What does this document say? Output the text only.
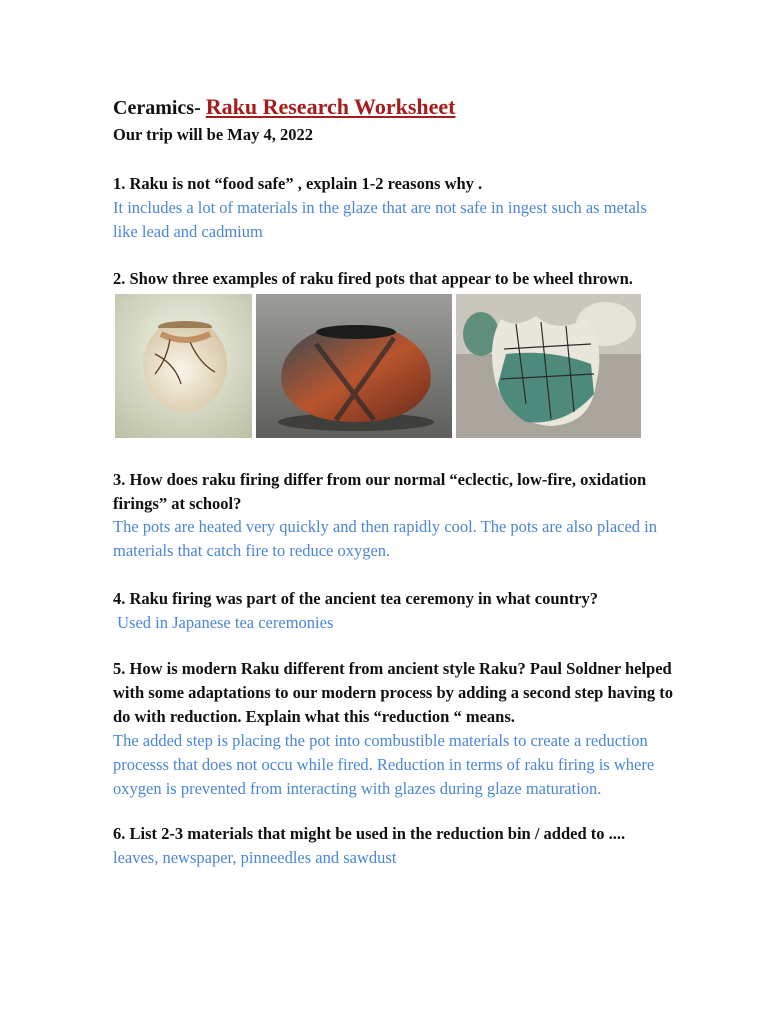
Ceramics- Raku Research Worksheet
Our trip will be May 4, 2022
1. Raku is not “food safe” , explain 1-2 reasons why .
It includes a lot of materials in the glaze that are not safe in ingest such as metals like lead and cadmium
2. Show three examples of raku fired pots that appear to be wheel thrown.
3. How does raku firing differ from our normal “eclectic, low-fire, oxidation firings” at school?
The pots are heated very quickly and then rapidly cool. The pots are also placed in materials that catch fire to reduce oxygen.
4. Raku firing was part of the ancient tea ceremony in what country?
Used in Japanese tea ceremonies
5. How is modern Raku different from ancient style Raku? Paul Soldner helped with some adaptations to our modern process by adding a second step having to do with reduction. Explain what this “reduction “ means.
The added step is placing the pot into combustible materials to create a reduction processs that does not occu while fired. Reduction in terms of raku firing is where oxygen is prevented from interacting with glazes during glaze maturation.
6. List 2-3 materials that might be used in the reduction bin / added to ....
leaves, newspaper, pinneedles and sawdust
